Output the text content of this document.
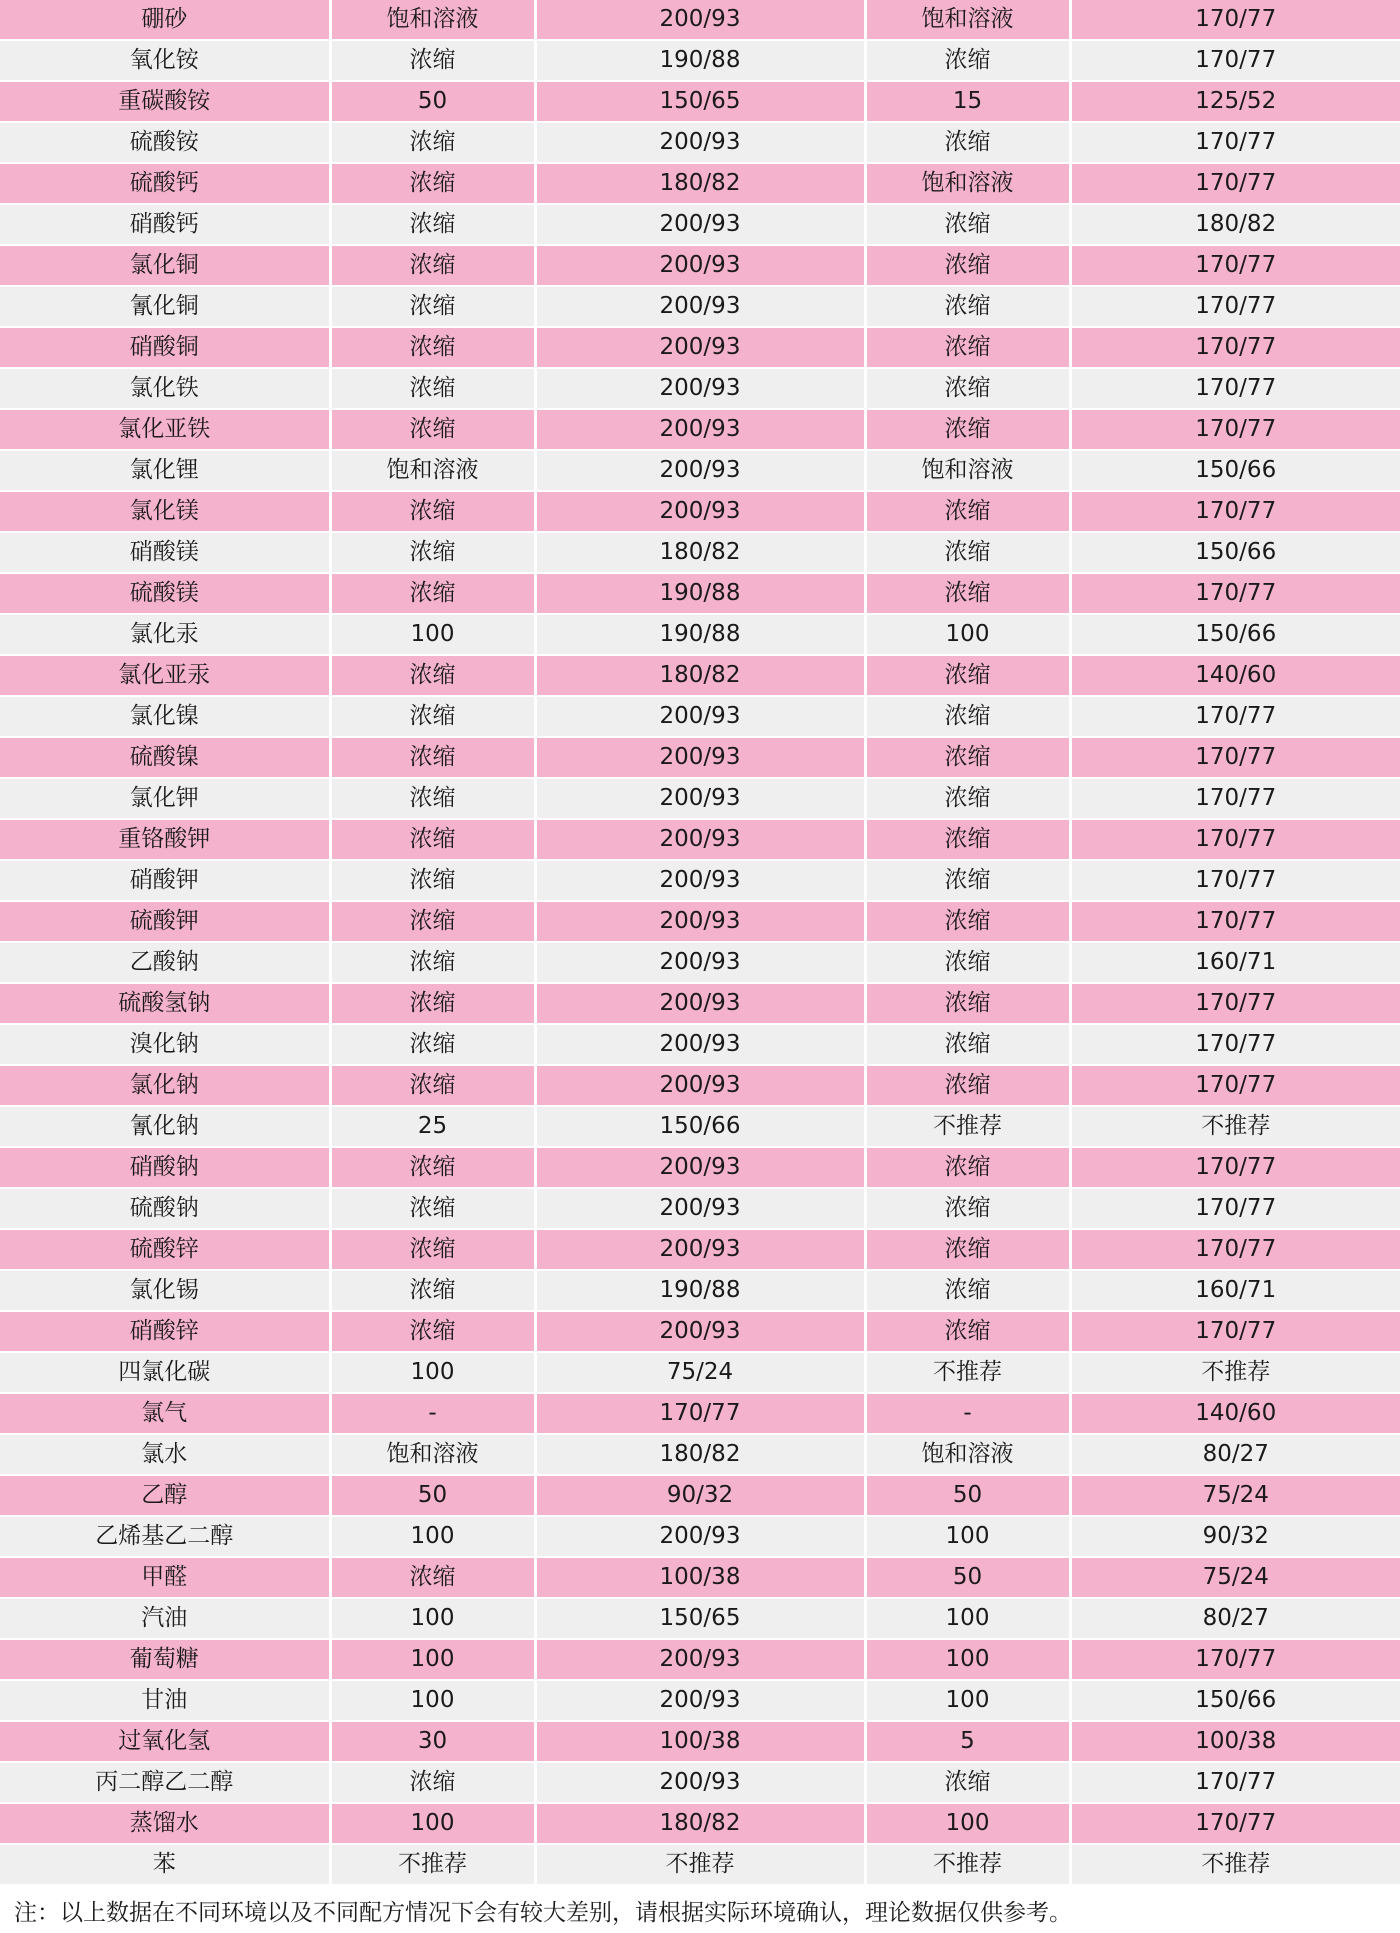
硼砂	饱和溶液	200/93	饱和溶液	170/77
氧化铵	浓缩	190/88	浓缩	170/77
重碳酸铵	50	150/65	15	125/52
硫酸铵	浓缩	200/93	浓缩	170/77
硫酸钙	浓缩	180/82	饱和溶液	170/77
硝酸钙	浓缩	200/93	浓缩	180/82
氯化铜	浓缩	200/93	浓缩	170/77
氰化铜	浓缩	200/93	浓缩	170/77
硝酸铜	浓缩	200/93	浓缩	170/77
氯化铁	浓缩	200/93	浓缩	170/77
氯化亚铁	浓缩	200/93	浓缩	170/77
氯化锂	饱和溶液	200/93	饱和溶液	150/66
氯化镁	浓缩	200/93	浓缩	170/77
硝酸镁	浓缩	180/82	浓缩	150/66
硫酸镁	浓缩	190/88	浓缩	170/77
氯化汞	100	190/88	100	150/66
氯化亚汞	浓缩	180/82	浓缩	140/60
氯化镍	浓缩	200/93	浓缩	170/77
硫酸镍	浓缩	200/93	浓缩	170/77
氯化钾	浓缩	200/93	浓缩	170/77
重铬酸钾	浓缩	200/93	浓缩	170/77
硝酸钾	浓缩	200/93	浓缩	170/77
硫酸钾	浓缩	200/93	浓缩	170/77
乙酸钠	浓缩	200/93	浓缩	160/71
硫酸氢钠	浓缩	200/93	浓缩	170/77
溴化钠	浓缩	200/93	浓缩	170/77
氯化钠	浓缩	200/93	浓缩	170/77
氰化钠	25	150/66	不推荐	不推荐
硝酸钠	浓缩	200/93	浓缩	170/77
硫酸钠	浓缩	200/93	浓缩	170/77
硫酸锌	浓缩	200/93	浓缩	170/77
氯化锡	浓缩	190/88	浓缩	160/71
硝酸锌	浓缩	200/93	浓缩	170/77
四氯化碳	100	75/24	不推荐	不推荐
氯气	-	170/77	-	140/60
氯水	饱和溶液	180/82	饱和溶液	80/27
乙醇	50	90/32	50	75/24
乙烯基乙二醇	100	200/93	100	90/32
甲醛	浓缩	100/38	50	75/24
汽油	100	150/65	100	80/27
葡萄糖	100	200/93	100	170/77
甘油	100	200/93	100	150/66
过氧化氢	30	100/38	5	100/38
丙二醇乙二醇	浓缩	200/93	浓缩	170/77
蒸馏水	100	180/82	100	170/77
苯	不推荐	不推荐	不推荐	不推荐
注：以上数据在不同环境以及不同配方情况下会有较大差别，请根据实际环境确认，理论数据仅供参考。
